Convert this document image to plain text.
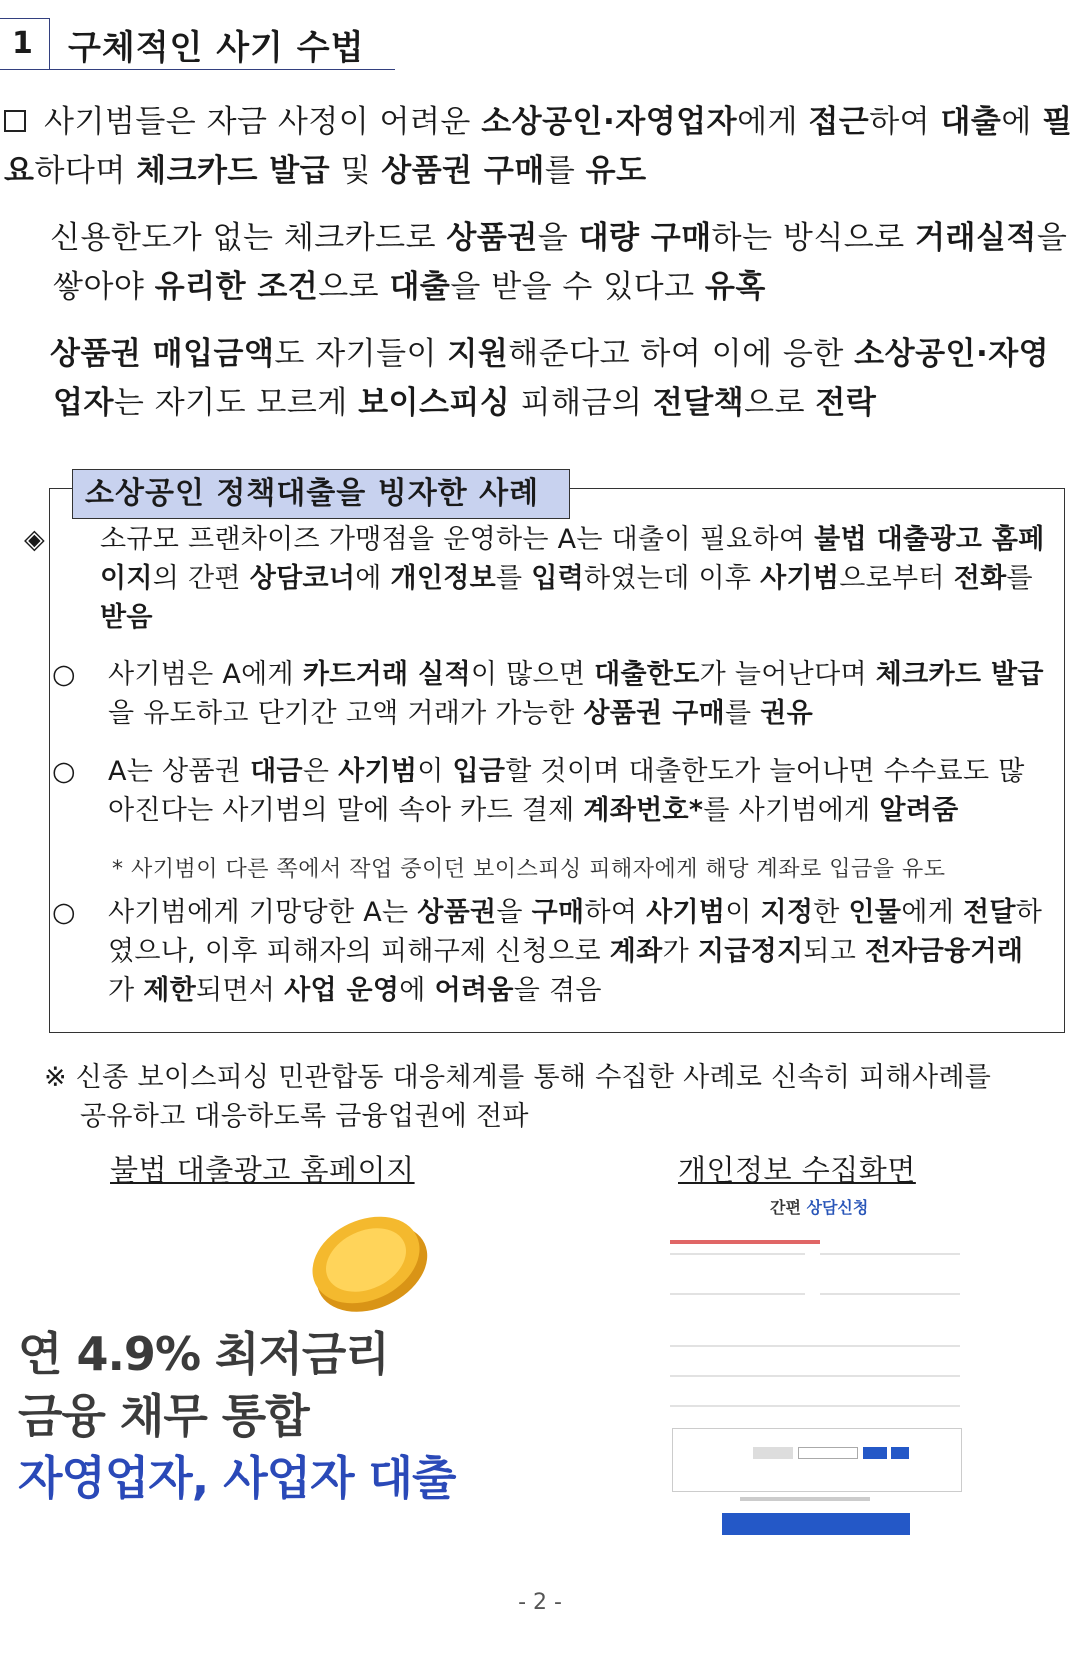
1	구체적인 사기 수법
사기범들은 자금 사정이 어려운 소상공인·자영업자에게 접근하여 대출에 필요하다며 체크카드 발급 및 상품권 구매를 유도
신용한도가 없는 체크카드로 상품권을 대량 구매하는 방식으로 거래실적을 쌓아야 유리한 조건으로 대출을 받을 수 있다고 유혹
상품권 매입금액도 자기들이 지원해준다고 하여 이에 응한 소상공인·자영업자는 자기도 모르게 보이스피싱 피해금의 전달책으로 전락
소상공인 정책대출을 빙자한 사례
◈ 소규모 프랜차이즈 가맹점을 운영하는 A는 대출이 필요하여 불법 대출광고 홈페이지의 간편 상담코너에 개인정보를 입력하였는데 이후 사기범으로부터 전화를 받음
○ 사기범은 A에게 카드거래 실적이 많으면 대출한도가 늘어난다며 체크카드 발급을 유도하고 단기간 고액 거래가 가능한 상품권 구매를 권유
○ A는 상품권 대금은 사기범이 입금할 것이며 대출한도가 늘어나면 수수료도 많아진다는 사기범의 말에 속아 카드 결제 계좌번호*를 사기범에게 알려줌
* 사기범이 다른 쪽에서 작업 중이던 보이스피싱 피해자에게 해당 계좌로 입금을 유도
○ 사기범에게 기망당한 A는 상품권을 구매하여 사기범이 지정한 인물에게 전달하였으나, 이후 피해자의 피해구제 신청으로 계좌가 지급정지되고 전자금융거래가 제한되면서 사업 운영에 어려움을 겪음
※ 신종 보이스피싱 민관합동 대응체계를 통해 수집한 사례로 신속히 피해사례를
공유하고 대응하도록 금융업권에 전파
불법 대출광고 홈페이지	개인정보 수집화면
연 4.9% 최저금리
금융 채무 통합
자영업자, 사업자 대출
간편 상담신청
- 2 -
